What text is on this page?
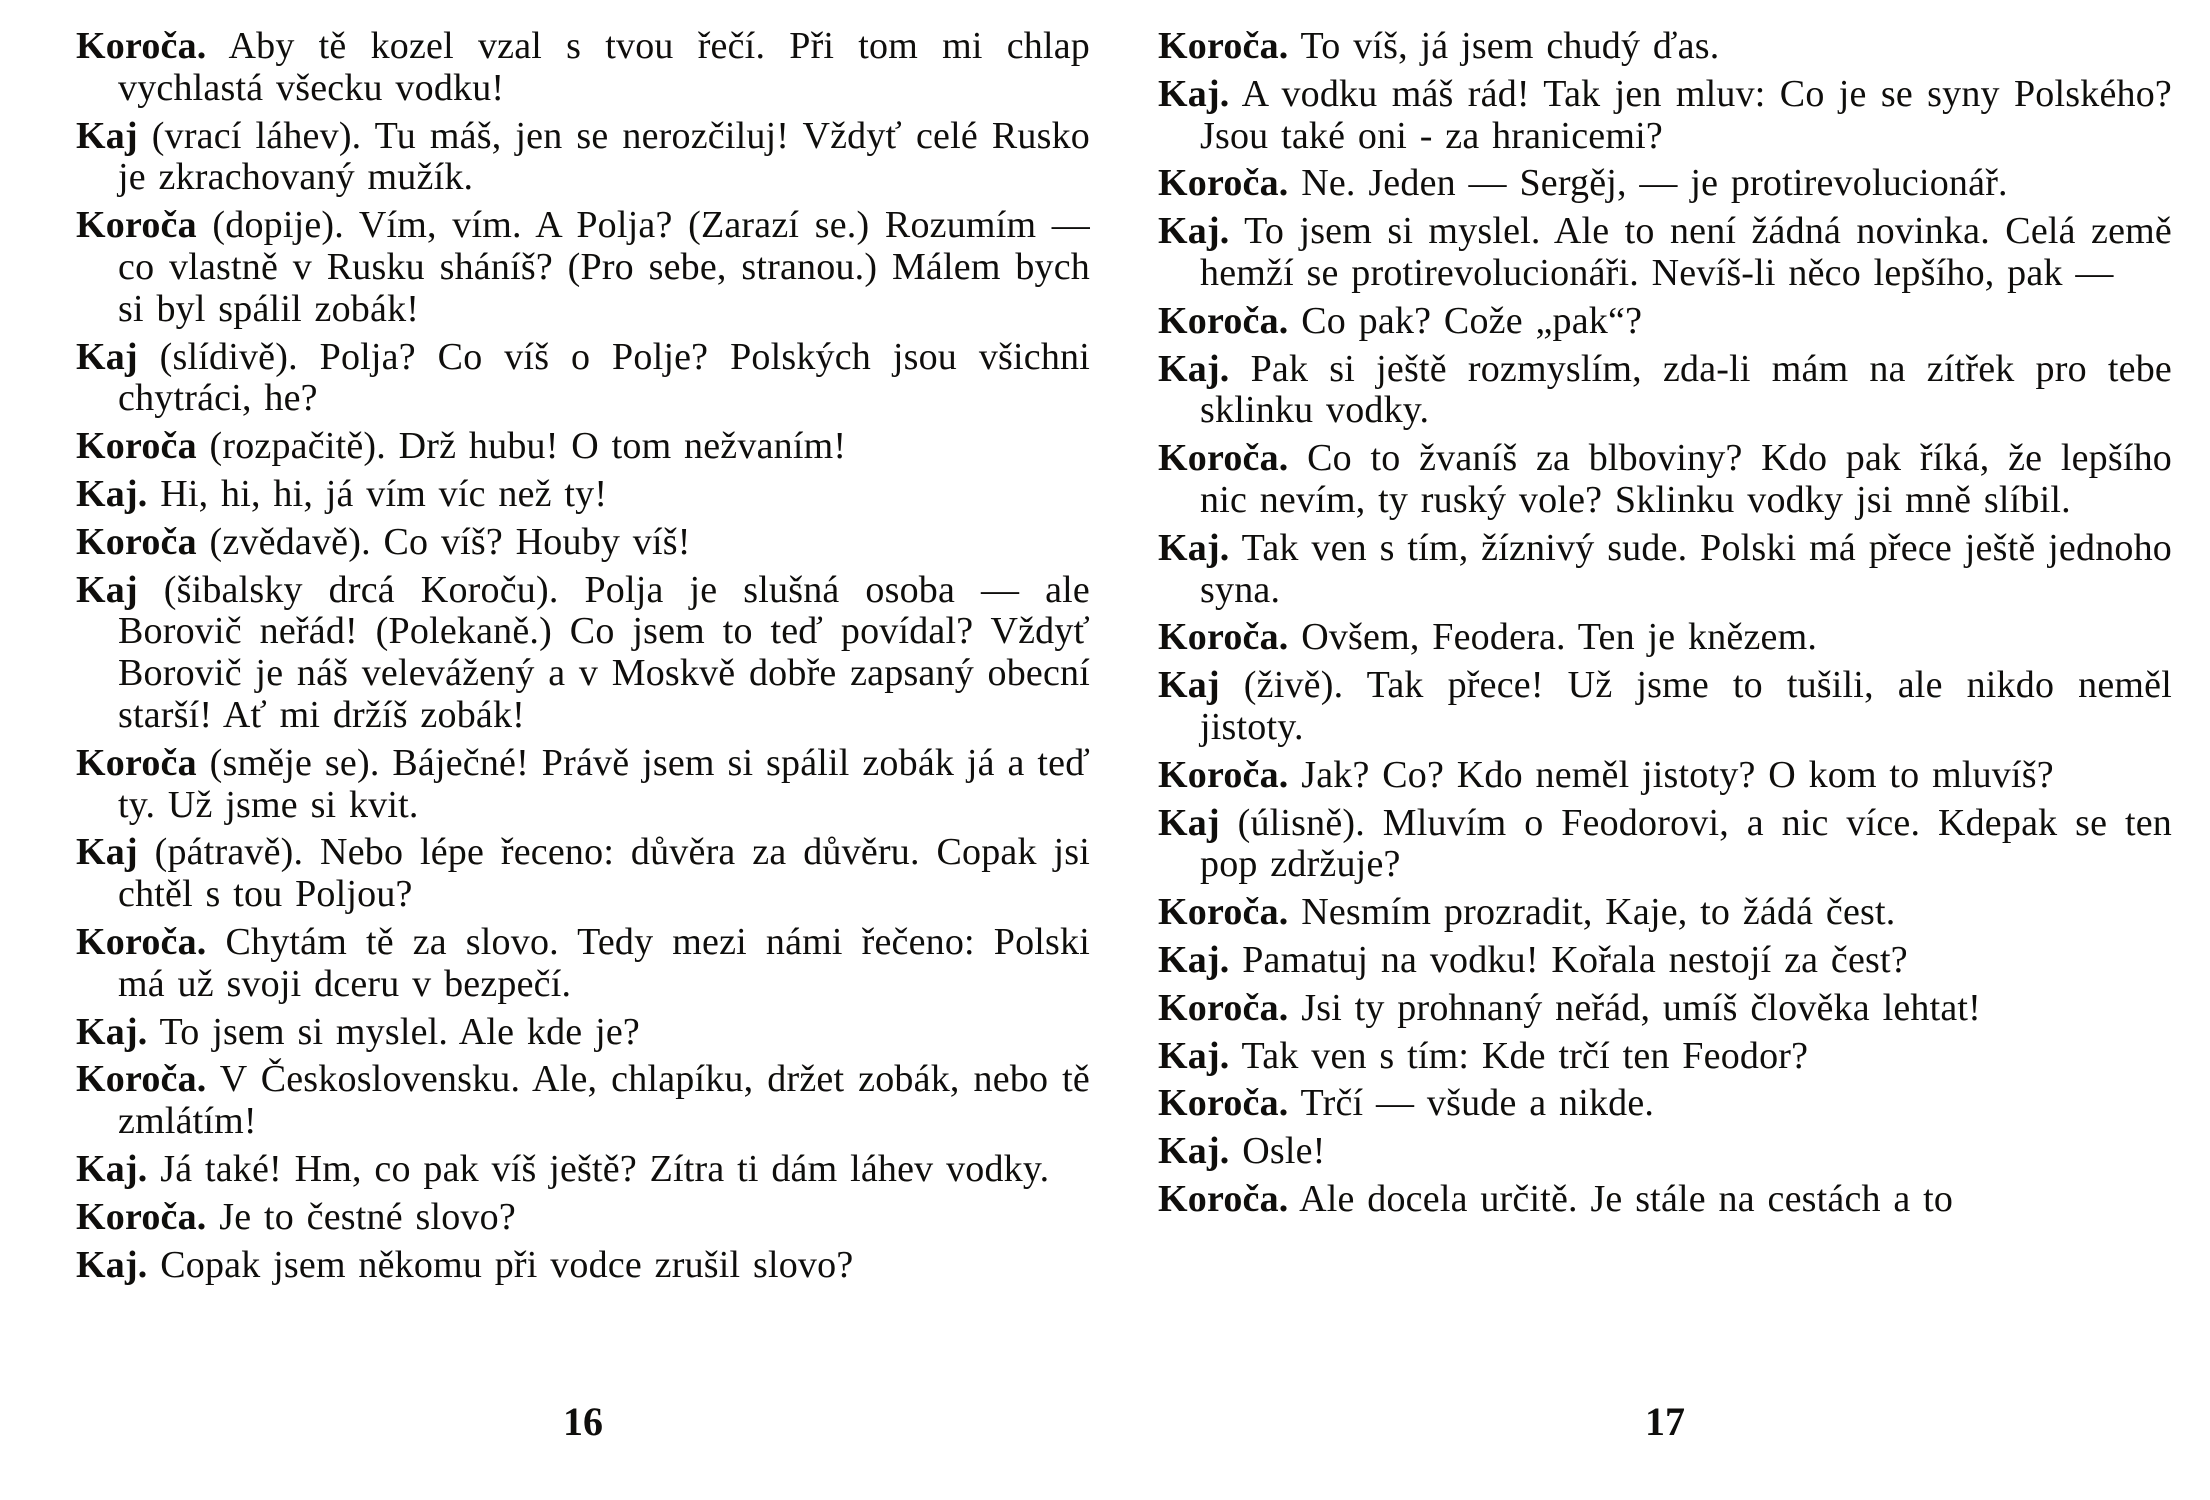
Koroča. Aby tě kozel vzal s tvou řečí. Při tom mi chlap vychlastá všecku vodku!

Kaj (vrací láhev). Tu máš, jen se nerozčiluj! Vždyť celé Rusko je zkrachovaný mužík.

Koroča (dopije). Vím, vím. A Polja? (Zarazí se.) Rozumím — co vlastně v Rusku sháníš? (Pro sebe, stranou.) Málem bych si byl spálil zobák!

Kaj (slídivě). Polja? Co víš o Polje? Polských jsou všichni chytráci, he?

Koroča (rozpačitě). Drž hubu! O tom nežvaním!

Kaj. Hi, hi, hi, já vím víc než ty!

Koroča (zvědavě). Co víš? Houby víš!

Kaj (šibalsky drcá Koroču). Polja je slušná osoba — ale Borovič neřád! (Polekaně.) Co jsem to teď povídal? Vždyť Borovič je náš velevážený a v Moskvě dobře zapsaný obecní starší! Ať mi držíš zobák!

Koroča (směje se). Báječné! Právě jsem si spálil zobák já a teď ty. Už jsme si kvit.

Kaj (pátravě). Nebo lépe řeceno: důvěra za důvěru. Copak jsi chtěl s tou Poljou?

Koroča. Chytám tě za slovo. Tedy mezi námi řečeno: Polski má už svoji dceru v bezpečí.

Kaj. To jsem si myslel. Ale kde je?

Koroča. V Československu. Ale, chlapíku, držet zobák, nebo tě zmlátím!

Kaj. Já také! Hm, co pak víš ještě? Zítra ti dám láhev vodky.

Koroča. Je to čestné slovo?

Kaj. Copak jsem někomu při vodce zrušil slovo?

Koroča. To víš, já jsem chudý ďas.

Kaj. A vodku máš rád! Tak jen mluv: Co je se syny Polského? Jsou také oni - za hranicemi?

Koroča. Ne. Jeden — Sergěj, — je protirevolucionář.

Kaj. To jsem si myslel. Ale to není žádná novinka. Celá země hemží se protirevolucionáři. Nevíš-li něco lepšího, pak —

Koroča. Co pak? Cože „pak“?

Kaj. Pak si ještě rozmyslím, zda-li mám na zítřek pro tebe sklinku vodky.

Koroča. Co to žvaníš za blboviny? Kdo pak říká, že lepšího nic nevím, ty ruský vole? Sklinku vodky jsi mně slíbil.

Kaj. Tak ven s tím, žíznivý sude. Polski má přece ještě jednoho syna.

Koroča. Ovšem, Feodera. Ten je knězem.

Kaj (živě). Tak přece! Už jsme to tušili, ale nikdo neměl jistoty.

Koroča. Jak? Co? Kdo neměl jistoty? O kom to mluvíš?

Kaj (úlisně). Mluvím o Feodorovi, a nic více. Kdepak se ten pop zdržuje?

Koroča. Nesmím prozradit, Kaje, to žádá čest.

Kaj. Pamatuj na vodku! Kořala nestojí za čest?

Koroča. Jsi ty prohnaný neřád, umíš člověka lehtat!

Kaj. Tak ven s tím: Kde trčí ten Feodor?

Koroča. Trčí — všude a nikde.

Kaj. Osle!

Koroča. Ale docela určitě. Je stále na cestách a to

16	17
